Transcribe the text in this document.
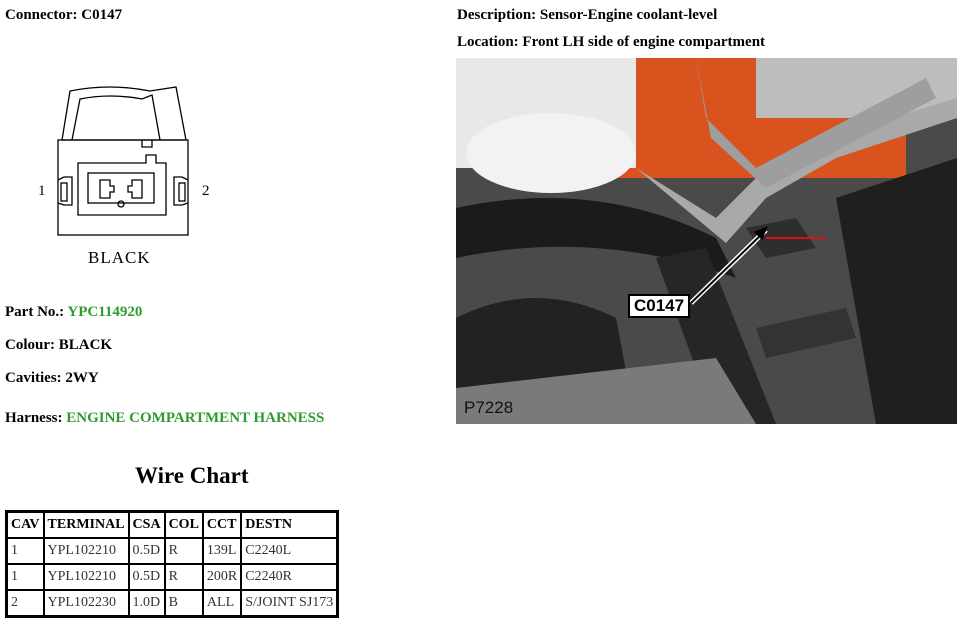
Connector: C0147	Description: Sensor-Engine coolant-level
Location: Front LH side of engine compartment
1	2
BLACK
Part No.: YPC114920
Colour: BLACK
Cavities: 2WY
Harness: ENGINE COMPARTMENT HARNESS
C0147
P7228
Wire Chart
CAV	TERMINAL	CSA	COL	CCT	DESTN
1	YPL102210	0.5D	R	139L	C2240L
1	YPL102210	0.5D	R	200R	C2240R
2	YPL102230	1.0D	B	ALL	S/JOINT SJ173
